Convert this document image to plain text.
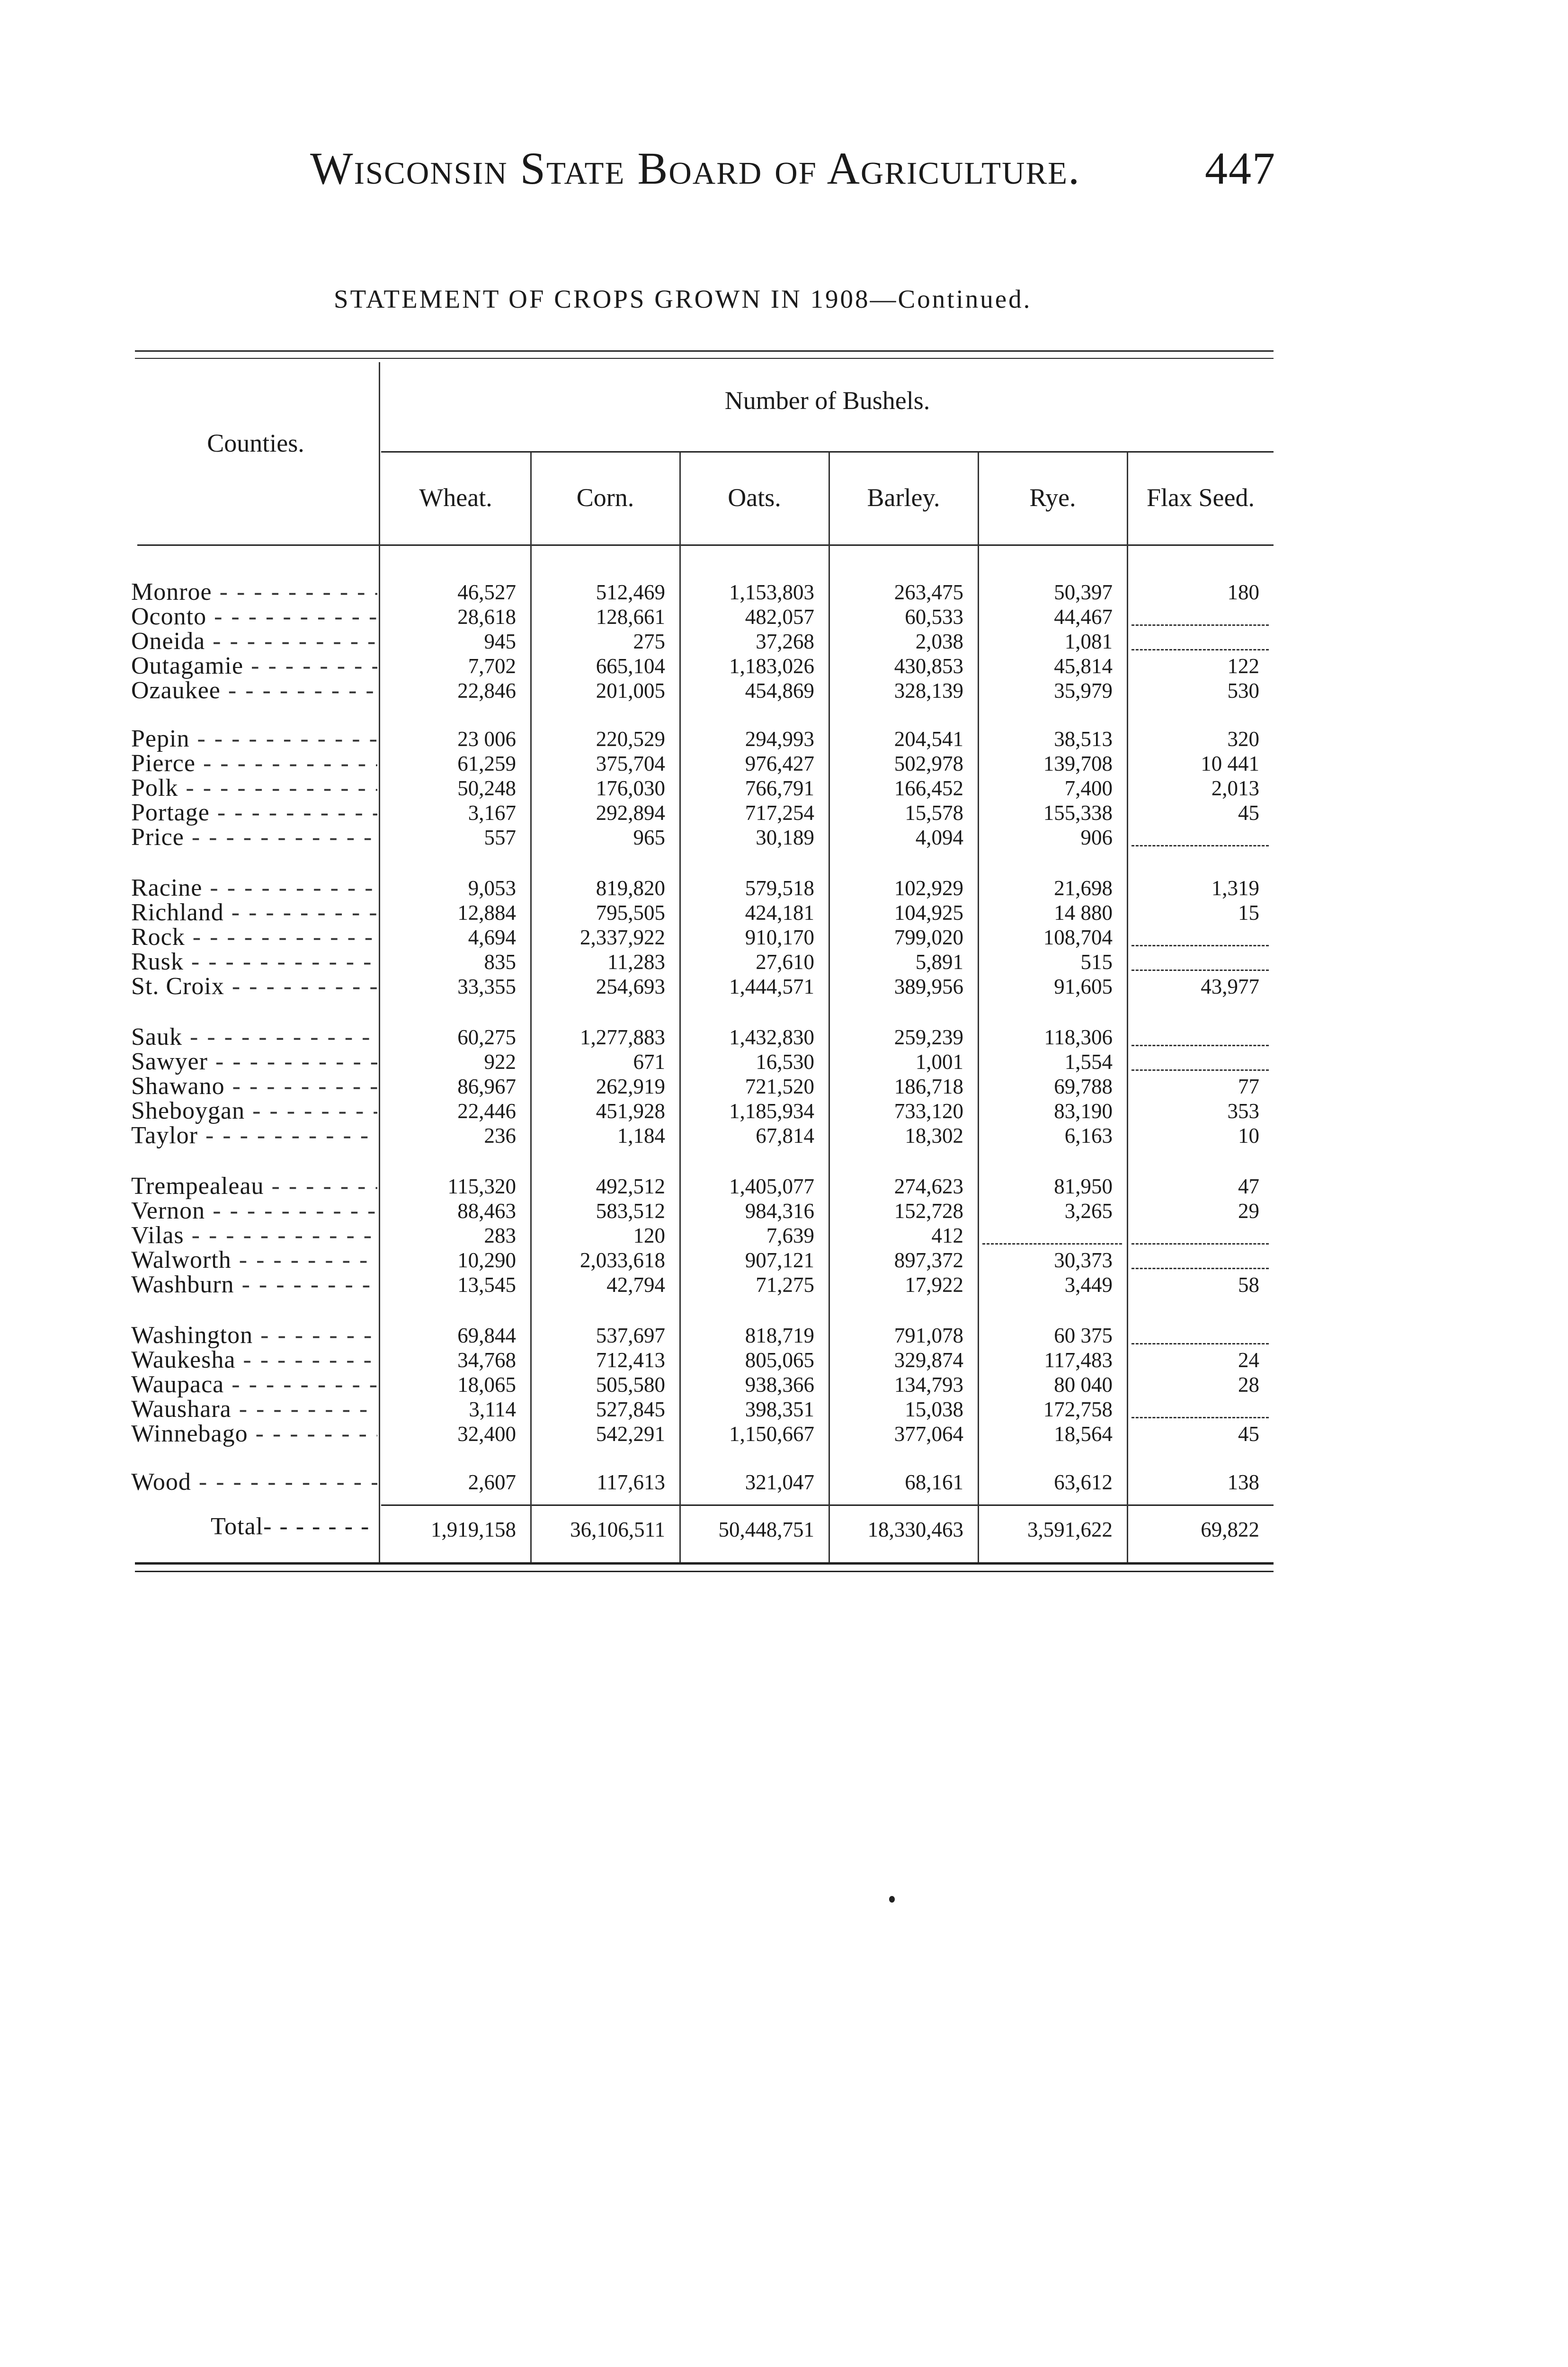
Wisconsin State Board of Agriculture.	447
STATEMENT OF CROPS GROWN IN 1908—Continued.
Counties.
Number of Bushels.
Wheat.	Corn.	Oats.	Barley.	Rye.	Flax Seed.
Monroe - - -	46,527	512,469	1,153,803	263,475	50,397	180
Oconto - - -	28,618	128,661	482,057	60,533	44,467
Oneida - - -	945	275	37,268	2,038	1,081
Outagamie - - -	7,702	665,104	1,183,026	430,853	45,814	122
Ozaukee - - -	22,846	201,005	454,869	328,139	35,979	530
Pepin - - -	23 006	220,529	294,993	204,541	38,513	320
Pierce - - -	61,259	375,704	976,427	502,978	139,708	10 441
Polk - - -	50,248	176,030	766,791	166,452	7,400	2,013
Portage - - -	3,167	292,894	717,254	15,578	155,338	45
Price - - -	557	965	30,189	4,094	906
Racine - - -	9,053	819,820	579,518	102,929	21,698	1,319
Richland - - -	12,884	795,505	424,181	104,925	14 880	15
Rock - - -	4,694	2,337,922	910,170	799,020	108,704
Rusk - - -	835	11,283	27,610	5,891	515
St. Croix - - -	33,355	254,693	1,444,571	389,956	91,605	43,977
Sauk - - -	60,275	1,277,883	1,432,830	259,239	118,306
Sawyer - - -	922	671	16,530	1,001	1,554
Shawano - - -	86,967	262,919	721,520	186,718	69,788	77
Sheboygan - - -	22,446	451,928	1,185,934	733,120	83,190	353
Taylor - - -	236	1,184	67,814	18,302	6,163	10
Trempealeau - - -	115,320	492,512	1,405,077	274,623	81,950	47
Vernon - - -	88,463	583,512	984,316	152,728	3,265	29
Vilas - - -	283	120	7,639	412
Walworth - - -	10,290	2,033,618	907,121	897,372	30,373
Washburn - - -	13,545	42,794	71,275	17,922	3,449	58
Washington - - -	69,844	537,697	818,719	791,078	60 375
Waukesha - - -	34,768	712,413	805,065	329,874	117,483	24
Waupaca - - -	18,065	505,580	938,366	134,793	80 040	28
Waushara - - -	3,114	527,845	398,351	15,038	172,758
Winnebago - - -	32,400	542,291	1,150,667	377,064	18,564	45
Wood - - -	2,607	117,613	321,047	68,161	63,612	138
Total - - -	1,919,158	36,106,511	50,448,751	18,330,463	3,591,622	69,822
